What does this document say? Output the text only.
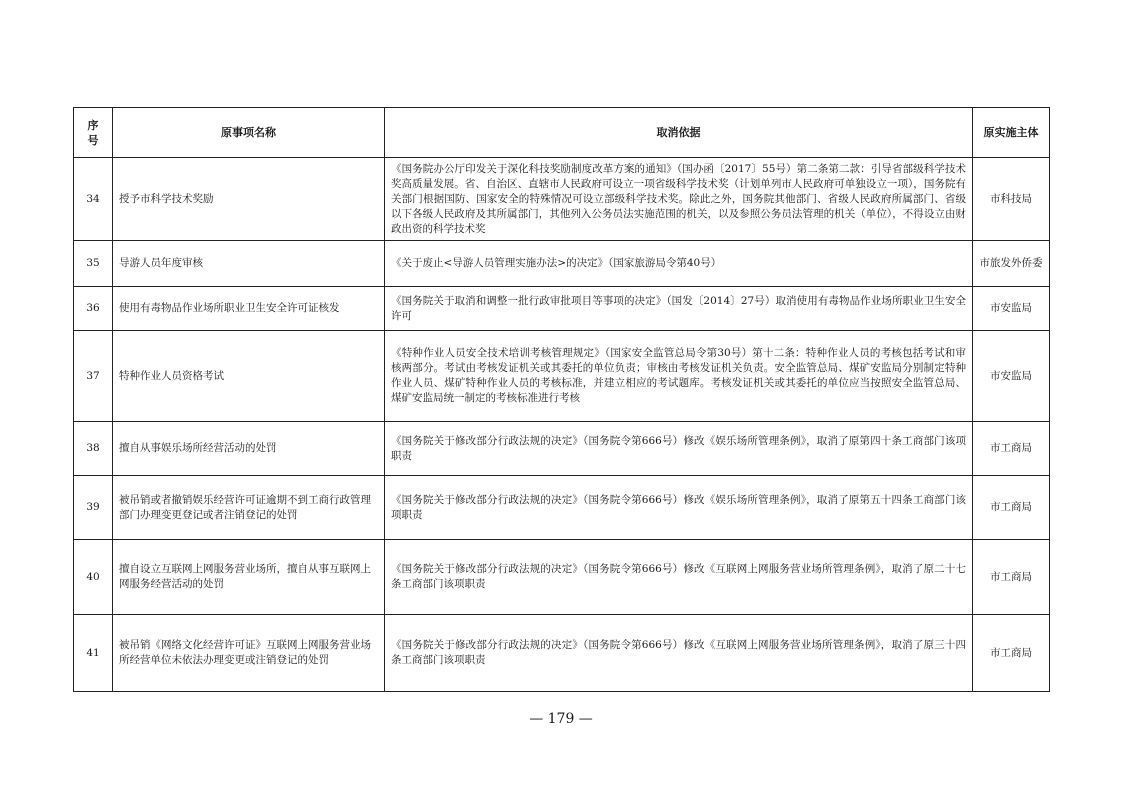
序号	原事项名称	取消依据	原实施主体
34	授予市科学技术奖励	《国务院办公厅印发关于深化科技奖励制度改革方案的通知》（国办函〔2017〕55号）第二条第二款：引导省部级科学技术奖高质量发展。省、自治区、直辖市人民政府可设立一项省级科学技术奖（计划单列市人民政府可单独设立一项），国务院有关部门根据国防、国家安全的特殊情况可设立部级科学技术奖。除此之外，国务院其他部门、省级人民政府所属部门、省级以下各级人民政府及其所属部门，其他列入公务员法实施范围的机关，以及参照公务员法管理的机关（单位），不得设立由财政出资的科学技术奖	市科技局
35	导游人员年度审核	《关于废止<导游人员管理实施办法>的决定》（国家旅游局令第40号）	市旅发外侨委
36	使用有毒物品作业场所职业卫生安全许可证核发	《国务院关于取消和调整一批行政审批项目等事项的决定》（国发〔2014〕27号）取消使用有毒物品作业场所职业卫生安全许可	市安监局
37	特种作业人员资格考试	《特种作业人员安全技术培训考核管理规定》（国家安全监管总局令第30号）第十二条：特种作业人员的考核包括考试和审核两部分。考试由考核发证机关或其委托的单位负责；审核由考核发证机关负责。安全监管总局、煤矿安监局分别制定特种作业人员、煤矿特种作业人员的考核标准，并建立相应的考试题库。考核发证机关或其委托的单位应当按照安全监管总局、煤矿安监局统一制定的考核标准进行考核	市安监局
38	擅自从事娱乐场所经营活动的处罚	《国务院关于修改部分行政法规的决定》（国务院令第666号）修改《娱乐场所管理条例》，取消了原第四十条工商部门该项职责	市工商局
39	被吊销或者撤销娱乐经营许可证逾期不到工商行政管理部门办理变更登记或者注销登记的处罚	《国务院关于修改部分行政法规的决定》（国务院令第666号）修改《娱乐场所管理条例》，取消了原第五十四条工商部门该项职责	市工商局
40	擅自设立互联网上网服务营业场所，擅自从事互联网上网服务经营活动的处罚	《国务院关于修改部分行政法规的决定》（国务院令第666号）修改《互联网上网服务营业场所管理条例》，取消了原二十七条工商部门该项职责	市工商局
41	被吊销《网络文化经营许可证》互联网上网服务营业场所经营单位未依法办理变更或注销登记的处罚	《国务院关于修改部分行政法规的决定》（国务院令第666号）修改《互联网上网服务营业场所管理条例》，取消了原三十四条工商部门该项职责	市工商局
— 179 —
